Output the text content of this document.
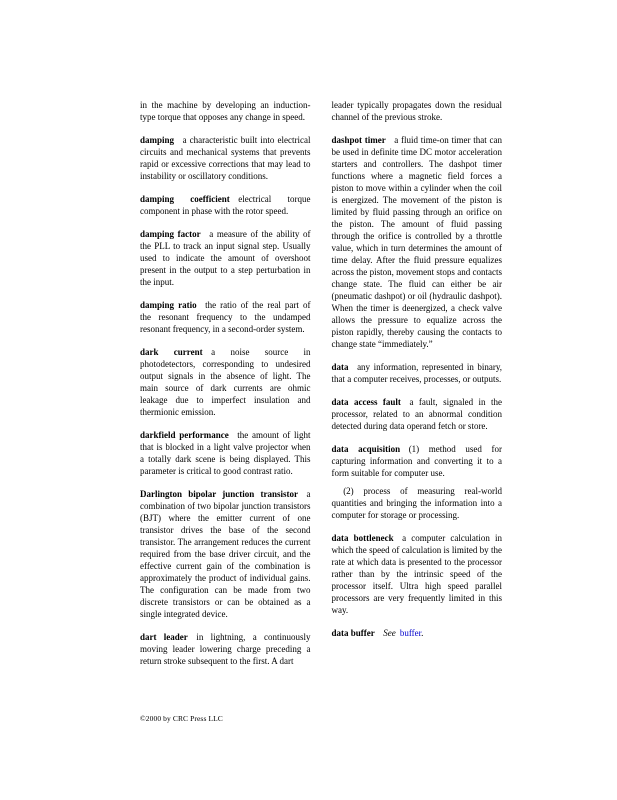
in the machine by developing an induction-type torque that opposes any change in speed.

damping a characteristic built into electrical circuits and mechanical systems that prevents rapid or excessive corrections that may lead to instability or oscillatory conditions.

damping coefficient electrical torque component in phase with the rotor speed.

damping factor a measure of the ability of the PLL to track an input signal step. Usually used to indicate the amount of overshoot present in the output to a step perturbation in the input.

damping ratio the ratio of the real part of the resonant frequency to the undamped resonant frequency, in a second-order system.

dark current a noise source in photodetectors, corresponding to undesired output signals in the absence of light. The main source of dark currents are ohmic leakage due to imperfect insulation and thermionic emission.

darkfield performance the amount of light that is blocked in a light valve projector when a totally dark scene is being displayed. This parameter is critical to good contrast ratio.

Darlington bipolar junction transistor a combination of two bipolar junction transistors (BJT) where the emitter current of one transistor drives the base of the second transistor. The arrangement reduces the current required from the base driver circuit, and the effective current gain of the combination is approximately the product of individual gains. The configuration can be made from two discrete transistors or can be obtained as a single integrated device.

dart leader in lightning, a continuously moving leader lowering charge preceding a return stroke subsequent to the first. A dart

leader typically propagates down the residual channel of the previous stroke.

dashpot timer a fluid time-on timer that can be used in definite time DC motor acceleration starters and controllers. The dashpot timer functions where a magnetic field forces a piston to move within a cylinder when the coil is energized. The movement of the piston is limited by fluid passing through an orifice on the piston. The amount of fluid passing through the orifice is controlled by a throttle value, which in turn determines the amount of time delay. After the fluid pressure equalizes across the piston, movement stops and contacts change state. The fluid can either be air (pneumatic dashpot) or oil (hydraulic dashpot). When the timer is deenergized, a check valve allows the pressure to equalize across the piston rapidly, thereby causing the contacts to change state “immediately.”

data any information, represented in binary, that a computer receives, processes, or outputs.

data access fault a fault, signaled in the processor, related to an abnormal condition detected during data operand fetch or store.

data acquisition (1) method used for capturing information and converting it to a form suitable for computer use.

(2) process of measuring real-world quantities and bringing the information into a computer for storage or processing.

data bottleneck a computer calculation in which the speed of calculation is limited by the rate at which data is presented to the processor rather than by the intrinsic speed of the processor itself. Ultra high speed parallel processors are very frequently limited in this way.

data buffer See buffer.

©2000 by CRC Press LLC
